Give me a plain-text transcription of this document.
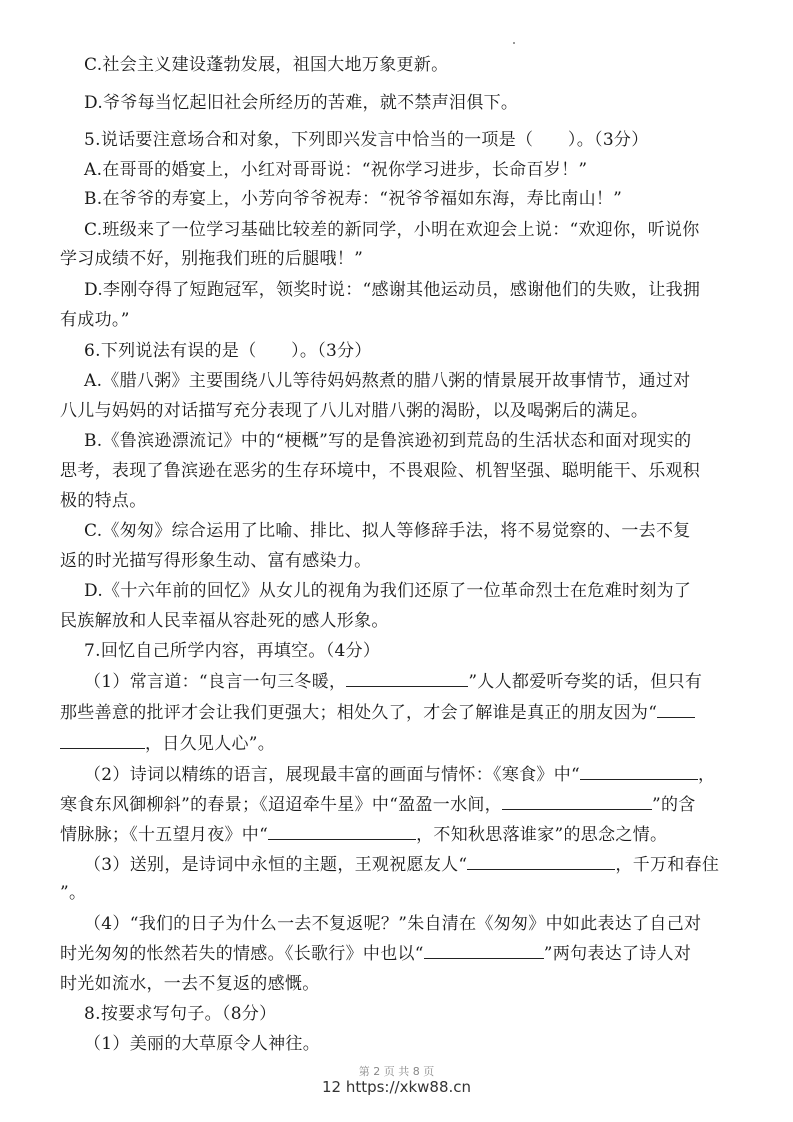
C.社会主义建设蓬勃发展，祖国大地万象更新。
D.爷爷每当忆起旧社会所经历的苦难，就不禁声泪俱下。
5.说话要注意场合和对象，下列即兴发言中恰当的一项是（　　）。（3分）
A.在哥哥的婚宴上，小红对哥哥说：“祝你学习进步，长命百岁！”
B.在爷爷的寿宴上，小芳向爷爷祝寿：“祝爷爷福如东海，寿比南山！”
C.班级来了一位学习基础比较差的新同学，小明在欢迎会上说：“欢迎你，听说你
学习成绩不好，别拖我们班的后腿哦！”
D.李刚夺得了短跑冠军，领奖时说：“感谢其他运动员，感谢他们的失败，让我拥
有成功。”
6.下列说法有误的是（　　）。（3分）
A.《腊八粥》主要围绕八儿等待妈妈熬煮的腊八粥的情景展开故事情节，通过对
八儿与妈妈的对话描写充分表现了八儿对腊八粥的渴盼，以及喝粥后的满足。
B.《鲁滨逊漂流记》中的“梗概”写的是鲁滨逊初到荒岛的生活状态和面对现实的
思考，表现了鲁滨逊在恶劣的生存环境中，不畏艰险、机智坚强、聪明能干、乐观积
极的特点。
C.《匆匆》综合运用了比喻、排比、拟人等修辞手法，将不易觉察的、一去不复
返的时光描写得形象生动、富有感染力。
D.《十六年前的回忆》从女儿的视角为我们还原了一位革命烈士在危难时刻为了
民族解放和人民幸福从容赴死的感人形象。
7.回忆自己所学内容，再填空。（4分）
（1）常言道：“良言一句三冬暖，	”人人都爱听夸奖的话，但只有
那些善意的批评才会让我们更强大；相处久了，才会了解谁是真正的朋友因为“
，日久见人心”。
（2）诗词以精练的语言，展现最丰富的画面与情怀：《寒食》中“	，
寒食东风御柳斜”的春景；《迢迢牵牛星》中“盈盈一水间，	”的含
情脉脉；《十五望月夜》中“	，不知秋思落谁家”的思念之情。
（3）送别，是诗词中永恒的主题，王观祝愿友人“	，千万和春住
”。
（4）“我们的日子为什么一去不复返呢？”朱自清在《匆匆》中如此表达了自己对
时光匆匆的怅然若失的情感。《长歌行》中也以“	”两句表达了诗人对
时光如流水，一去不复返的感慨。
8.按要求写句子。（8分）
（1）美丽的大草原令人神往。
第 2 页 共 8 页
12 https://xkw88.cn
